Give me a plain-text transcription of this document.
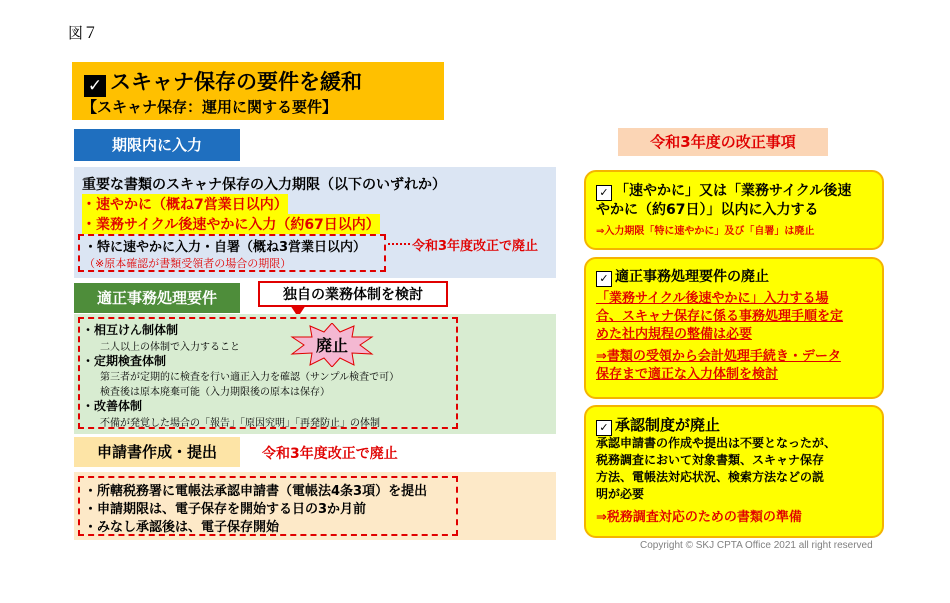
図７
✓ スキャナ保存の要件を緩和
【スキャナ保存：運用に関する要件】
期限内に入力
重要な書類のスキャナ保存の入力期限（以下のいずれか）
・速やかに（概ね7営業日以内）
・業務サイクル後速やかに入力（約67日以内）
・特に速やかに入力・自署（概ね3営業日以内）
（※原本確認が書類受領者の場合の期限）
令和3年度改正で廃止
適正事務処理要件	独自の業務体制を検討
・相互けん制体制
二人以上の体制で入力すること
・定期検査体制
第三者が定期的に検査を行い適正入力を確認（サンプル検査で可）
検査後は原本廃棄可能（入力期限後の原本は保存）
・改善体制
不備が発覚した場合の「報告」「原因究明」「再発防止」の体制
廃止
申請書作成・提出	令和3年度改正で廃止
・所轄税務署に電帳法承認申請書（電帳法4条3項）を提出
・申請期限は、電子保存を開始する日の3か月前
・みなし承認後は、電子保存開始
令和3年度の改正事項
✓ 「速やかに」又は「業務サイクル後速
やかに（約67日）」以内に入力する
⇒入力期限「特に速やかに」及び「自署」は廃止
✓ 適正事務処理要件の廃止
「業務サイクル後速やかに」入力する場
合、スキャナ保存に係る事務処理手順を定
めた社内規程の整備は必要
⇒書類の受領から会計処理手続き・データ
保存まで適正な入力体制を検討
✓ 承認制度が廃止
承認申請書の作成や提出は不要となったが、
税務調査において対象書類、スキャナ保存
方法、電帳法対応状況、検索方法などの説
明が必要
⇒税務調査対応のための書類の準備
Copyright © SKJ CPTA Office 2021 all right reserved
